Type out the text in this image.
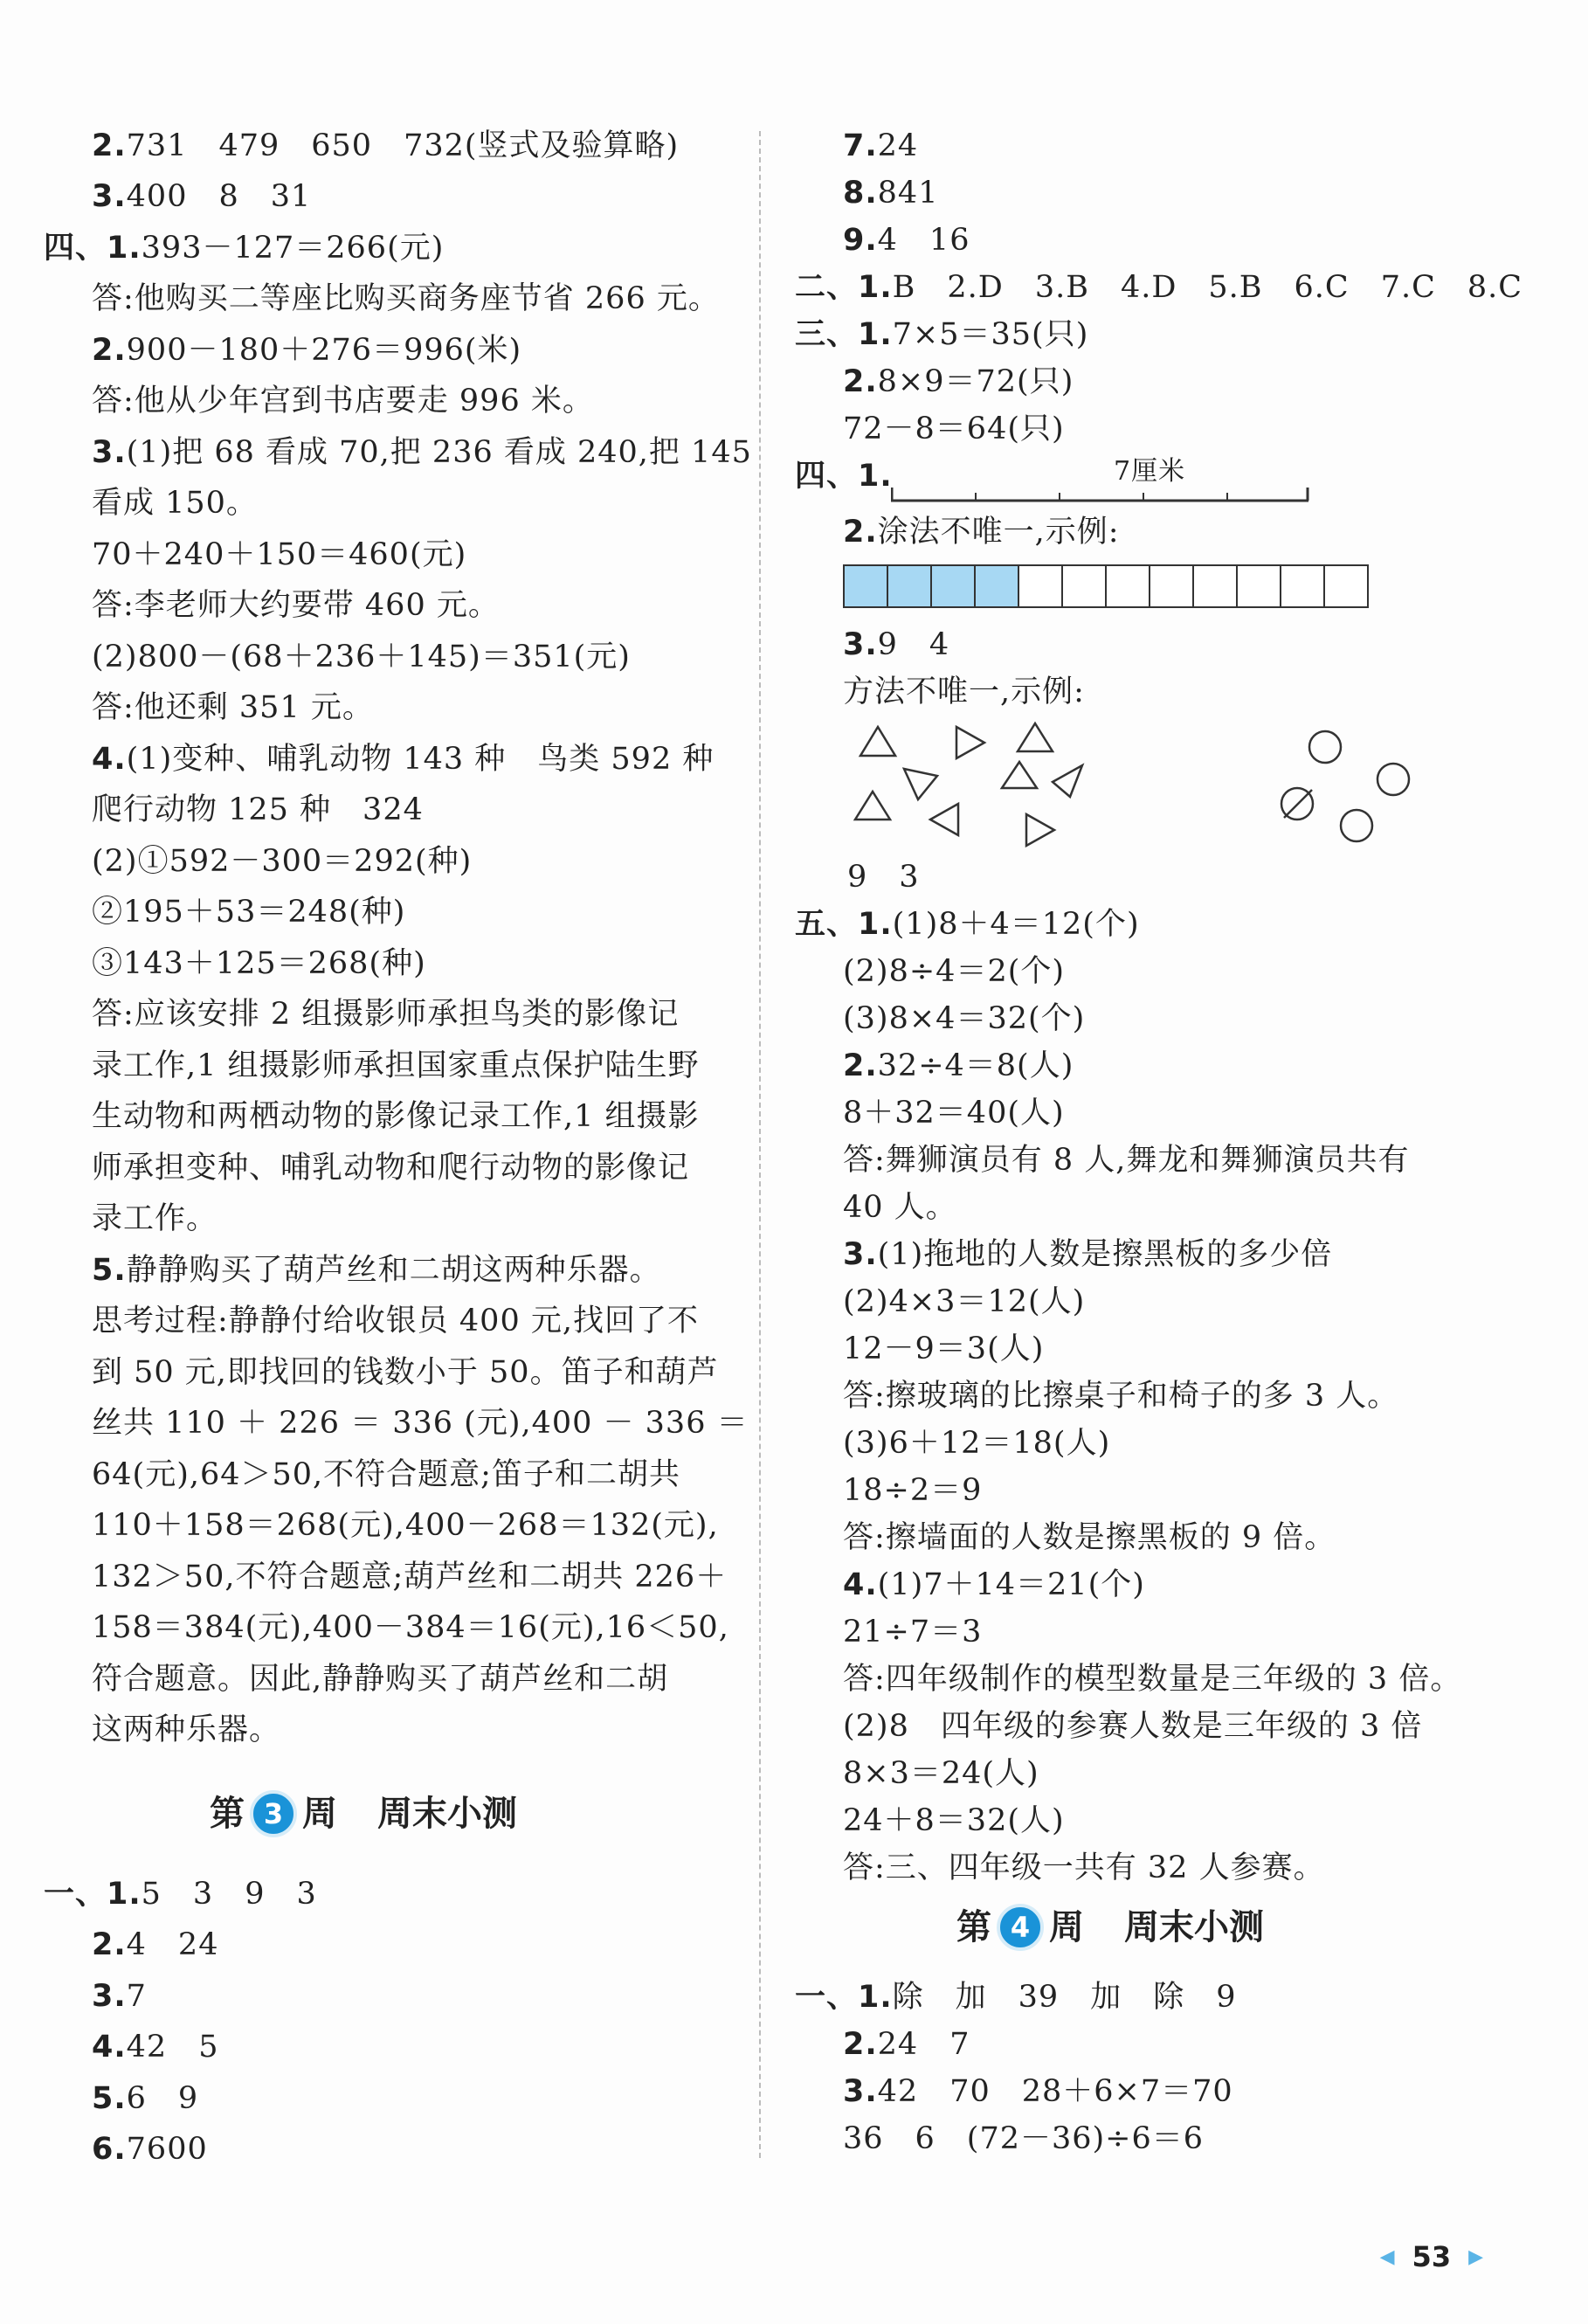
2.731　479　650　732(竖式及验算略)
3.400　8　31
四、1.393－127＝266(元)
答:他购买二等座比购买商务座节省 266 元。
2.900－180＋276＝996(米)
答:他从少年宫到书店要走 996 米。
3.(1)把 68 看成 70,把 236 看成 240,把 145
看成 150。
70＋240＋150＝460(元)
答:李老师大约要带 460 元。
(2)800－(68＋236＋145)＝351(元)
答:他还剩 351 元。
4.(1)变种、哺乳动物 143 种　鸟类 592 种
爬行动物 125 种　324
(2)①592－300＝292(种)
②195＋53＝248(种)
③143＋125＝268(种)
答:应该安排 2 组摄影师承担鸟类的影像记
录工作,1 组摄影师承担国家重点保护陆生野
生动物和两栖动物的影像记录工作,1 组摄影
师承担变种、哺乳动物和爬行动物的影像记
录工作。
5.静静购买了葫芦丝和二胡这两种乐器。
思考过程:静静付给收银员 400 元,找回了不
到 50 元,即找回的钱数小于 50。笛子和葫芦
丝共 110 ＋ 226 ＝ 336 (元),400 － 336 ＝
64(元),64＞50,不符合题意;笛子和二胡共
110＋158＝268(元),400－268＝132(元),
132＞50,不符合题意;葫芦丝和二胡共 226＋
158＝384(元),400－384＝16(元),16＜50,
符合题意。因此,静静购买了葫芦丝和二胡
这两种乐器。
第 3 周 周末小测
一、1.5　3　9　3
2.4　24
3.7
4.42　5
5.6　9
6.7600
7.24
8.841
9.4　16
二、1.B　2.D　3.B　4.D　5.B　6.C　7.C　8.C
三、1.7×5＝35(只)
2.8×9＝72(只)
72－8＝64(只)
四、1.	7厘米
2.涂法不唯一,示例:
3.9　4
方法不唯一,示例:
9　3
五、1.(1)8＋4＝12(个)
(2)8÷4＝2(个)
(3)8×4＝32(个)
2.32÷4＝8(人)
8＋32＝40(人)
答:舞狮演员有 8 人,舞龙和舞狮演员共有
40 人。
3.(1)拖地的人数是擦黑板的多少倍
(2)4×3＝12(人)
12－9＝3(人)
答:擦玻璃的比擦桌子和椅子的多 3 人。
(3)6＋12＝18(人)
18÷2＝9
答:擦墙面的人数是擦黑板的 9 倍。
4.(1)7＋14＝21(个)
21÷7＝3
答:四年级制作的模型数量是三年级的 3 倍。
(2)8　四年级的参赛人数是三年级的 3 倍
8×3＝24(人)
24＋8＝32(人)
答:三、四年级一共有 32 人参赛。
第 4 周 周末小测
一、1.除　加　39　加　除　9
2.24　7
3.42　70　28＋6×7＝70
36　6　(72－36)÷6＝6
◀ 53 ▶
